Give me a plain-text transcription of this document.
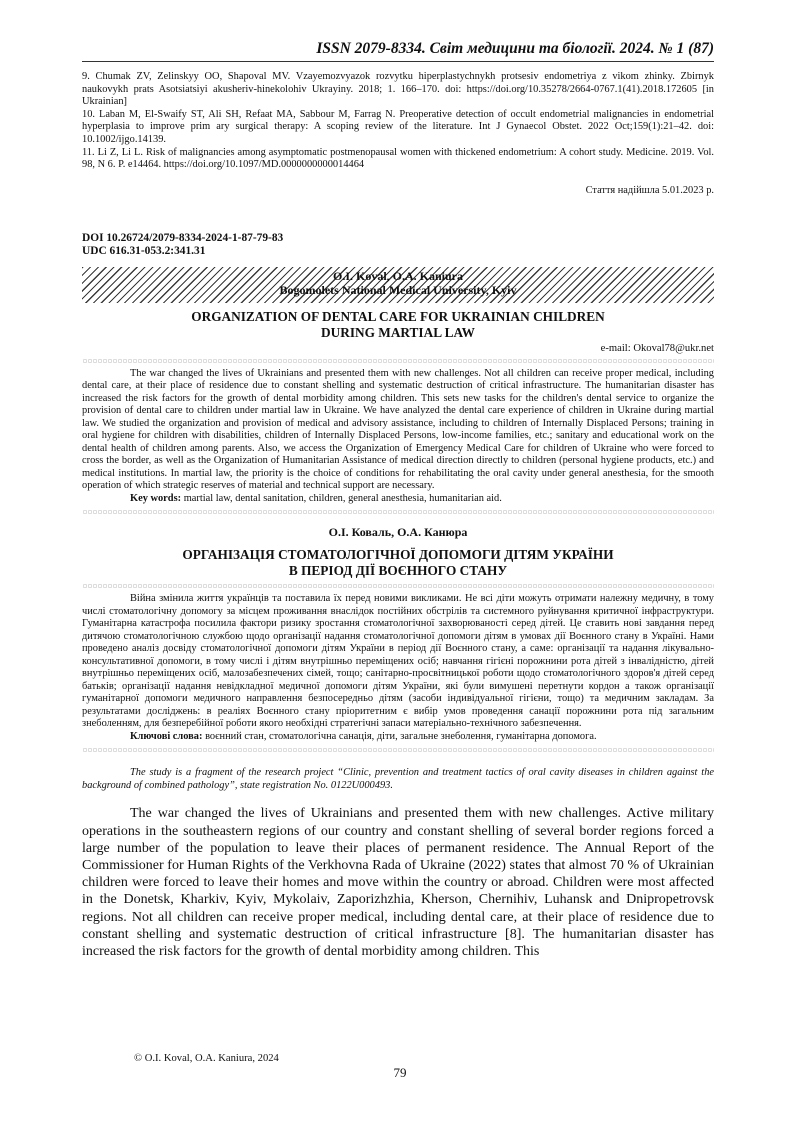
ISSN 2079-8334. Світ медицини та біології. 2024. № 1 (87)

9. Chumak ZV, Zelinskyy OO, Shapoval MV. Vzayemozvyazok rozvytku hiperplastychnykh protsesiv endometriya z vikom zhinky. Zbirnyk naukovykh prats Asotsiatsiyi akusheriv-hinekolohiv Ukrayiny. 2018; 1. 166–170. doi: https://doi.org/10.35278/2664-0767.1(41).2018.172605 [in Ukrainian]

10. Laban M, El-Swaify ST, Ali SH, Refaat MA, Sabbour M, Farrag N. Preoperative detection of occult endometrial malignancies in endometrial hyperplasia to improve prim ary surgical therapy: A scoping review of the literature. Int J Gynaecol Obstet. 2022 Oct;159(1):21–42. doi: 10.1002/ijgo.14139.

11. Li Z, Li L. Risk of malignancies among asymptomatic postmenopausal women with thickened endometrium: A cohort study. Medicine. 2019. Vol. 98, N 6. P. e14464. https://doi.org/10.1097/MD.0000000000014464

Стаття надійшла 5.01.2023 р.
DOI 10.26724/2079-8334-2024-1-87-79-83
UDC 616.31-053.2:341.31
O.I. Koval, O.A. Kaniura
Bogomolets National Medical University, Kyiv
ORGANIZATION OF DENTAL CARE FOR UKRAINIAN CHILDREN
DURING MARTIAL LAW
e-mail: Okoval78@ukr.net

The war changed the lives of Ukrainians and presented them with new challenges. Not all children can receive proper medical, including dental care, at their place of residence due to constant shelling and systematic destruction of critical infrastructure. The humanitarian disaster has increased the risk factors for the growth of dental morbidity among children. This sets new tasks for the children's dental service to organize the provision of dental care to children under martial law in Ukraine. We have analyzed the dental care experience of children in Ukraine during martial law. We studied the organization and provision of medical and advisory assistance, including to children of Internally Displaced Persons; training in oral hygiene for children with disabilities, children of Internally Displaced Persons, low-income families, etc.; sanitary and educational work on the dental health of children among parents. Also, we access the Organization of Emergency Medical Care for children of Ukraine who were forced to cross the border, as well as the Organization of Humanitarian Assistance of medical direction directly to children (personal hygiene products, etc.) and medical institutions. In martial law, the priority is the choice of conditions for rehabilitating the oral cavity under general anesthesia, for the smooth operation of which strategic reserves of material and technical support are necessary.

Key words: martial law, dental sanitation, children, general anesthesia, humanitarian aid.

О.І. Коваль, О.А. Канюра
ОРГАНІЗАЦІЯ СТОМАТОЛОГІЧНОЇ ДОПОМОГИ ДІТЯМ УКРАЇНИ
В ПЕРІОД ДІЇ ВОЄННОГО СТАНУ

Війна змінила життя українців та поставила їх перед новими викликами. Не всі діти можуть отримати належну медичну, в тому числі стоматологічну допомогу за місцем проживання внаслідок постійних обстрілів та системного руйнування критичної інфраструктури. Гуманітарна катастрофа посилила фактори ризику зростання стоматологічної захворюваності серед дітей. Це ставить нові завдання перед дитячою стоматологічною службою щодо організації надання стоматологічної допомоги дітям в умовах дії Воєнного стану в Україні. Нами проведено аналіз досвіду стоматологічної допомоги дітям України в період дії Воєнного стану, а саме: організації та надання лікувально-консультативної допомоги, в тому числі і дітям внутрішньо переміщених осіб; навчання гігієні порожнини рота дітей з інвалідністю, дітей внутрішньо переміщених осіб, малозабезпечених сімей, тощо; санітарно-просвітницької роботи щодо стоматологічного здоров'я дітей серед батьків; організації надання невідкладної медичної допомоги дітям України, які були вимушені перетнути кордон а також організації гуманітарної допомоги медичного направлення безпосередньо дітям (засоби індивідуальної гігієни, тощо) та медичним закладам. За результатами досліджень: в реаліях Воєнного стану пріоритетним є вибір умов проведення санації порожнини рота під загальним знеболенням, для безперебійної роботи якого необхідні стратегічні запаси матеріально-технічного забезпечення.

Ключові слова: воєнний стан, стоматологічна санація, діти, загальне знеболення, гуманітарна допомога.

The study is a fragment of the research project “Clinic, prevention and treatment tactics of oral cavity diseases in children against the background of combined pathology”, state registration No. 0122U000493.

The war changed the lives of Ukrainians and presented them with new challenges. Active military operations in the southeastern regions of our country and constant shelling of several border regions forced a large number of the population to leave their places of permanent residence. The Annual Report of the Commissioner for Human Rights of the Verkhovna Rada of Ukraine (2022) states that almost 70 % of Ukrainian children were forced to leave their homes and move within the country or abroad. Children were most affected in the Donetsk, Kharkiv, Kyiv, Mykolaiv, Zaporizhzhia, Kherson, Chernihiv, Luhansk and Dnipropetrovsk regions. Not all children can receive proper medical, including dental care, at their place of residence due to constant shelling and systematic destruction of critical infrastructure [8]. The humanitarian disaster has increased the risk factors for the growth of dental morbidity among children. This

© O.I. Koval, O.A. Kaniura, 2024
79
